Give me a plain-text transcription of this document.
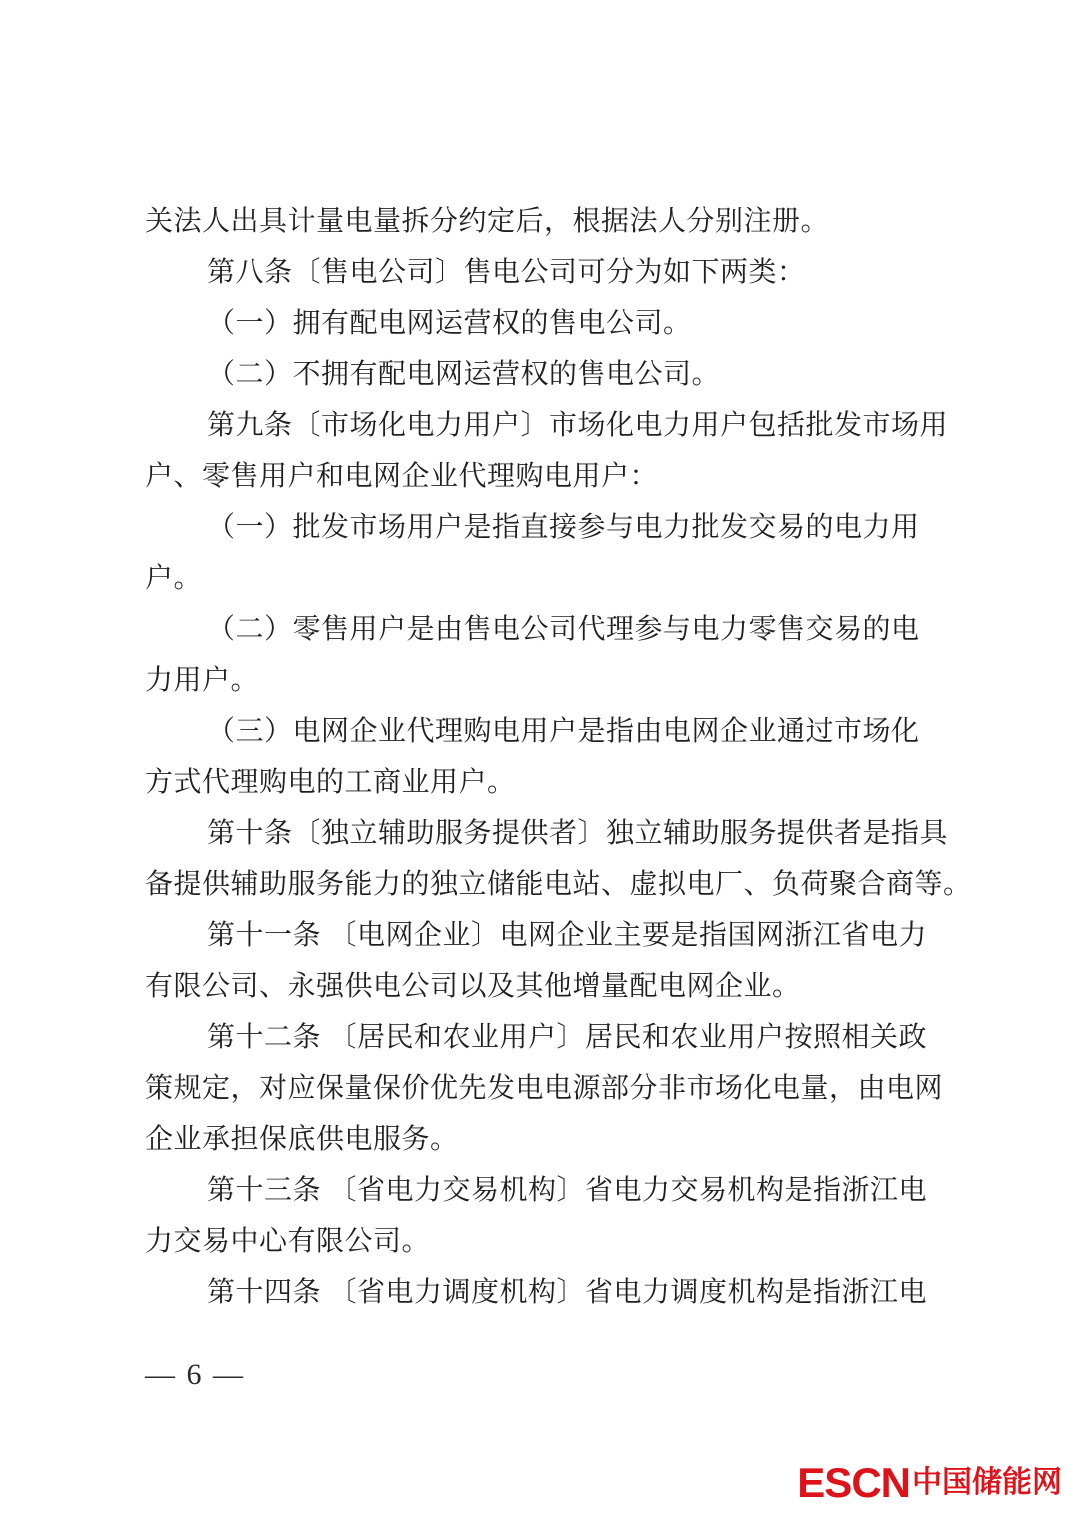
关法人出具计量电量拆分约定后，根据法人分别注册。
第八条〔售电公司〕售电公司可分为如下两类：
（一）拥有配电网运营权的售电公司。
（二）不拥有配电网运营权的售电公司。
第九条〔市场化电力用户〕市场化电力用户包括批发市场用
户、零售用户和电网企业代理购电用户：
（一）批发市场用户是指直接参与电力批发交易的电力用
户。
（二）零售用户是由售电公司代理参与电力零售交易的电
力用户。
（三）电网企业代理购电用户是指由电网企业通过市场化
方式代理购电的工商业用户。
第十条〔独立辅助服务提供者〕独立辅助服务提供者是指具
备提供辅助服务能力的独立储能电站、虚拟电厂、负荷聚合商等。
第十一条 〔电网企业〕电网企业主要是指国网浙江省电力
有限公司、永强供电公司以及其他增量配电网企业。
第十二条 〔居民和农业用户〕居民和农业用户按照相关政
策规定，对应保量保价优先发电电源部分非市场化电量，由电网
企业承担保底供电服务。
第十三条 〔省电力交易机构〕省电力交易机构是指浙江电
力交易中心有限公司。
第十四条 〔省电力调度机构〕省电力调度机构是指浙江电
— 6 —
ESCN 中国储能网
